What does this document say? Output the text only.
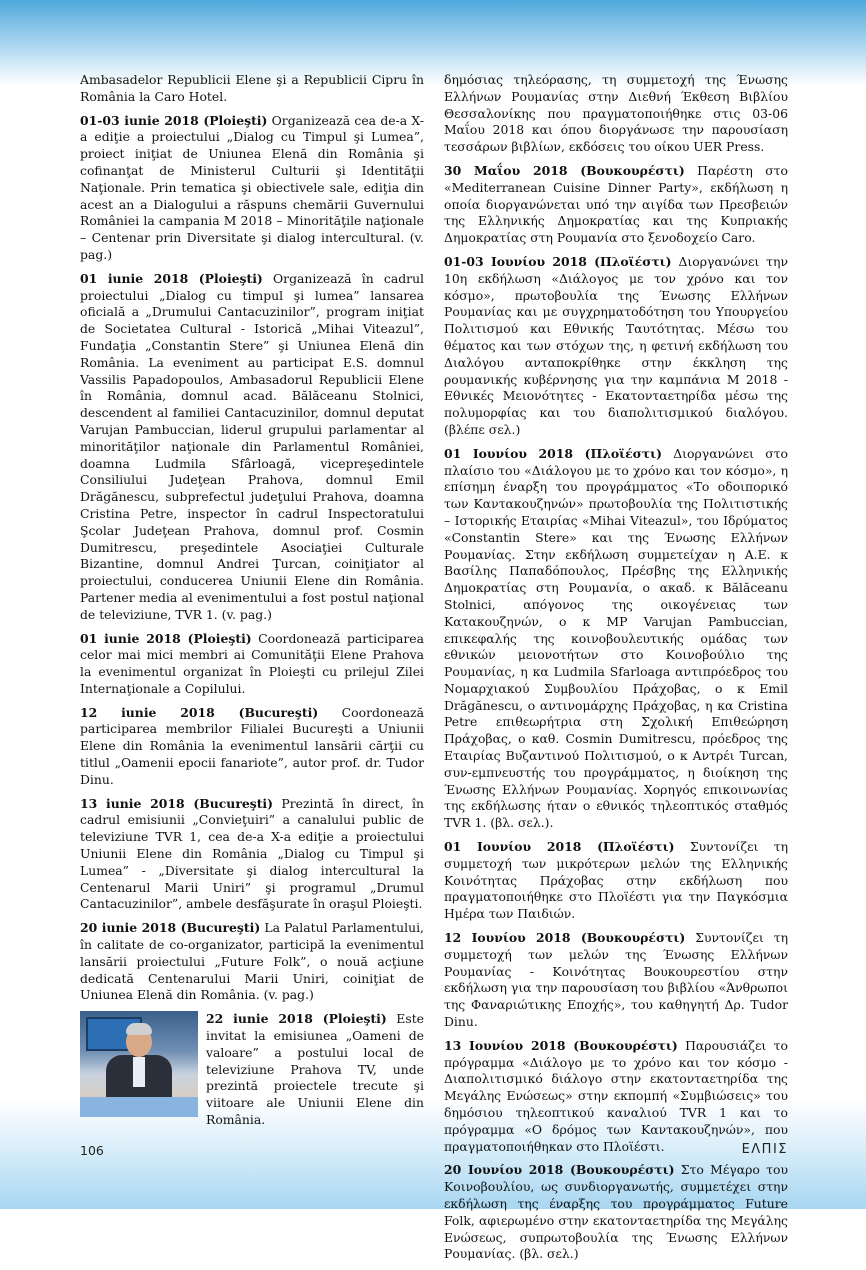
Ambasadelor Republicii Elene şi a Republicii Cipru în România la Caro Hotel.

01-03 iunie 2018 (Ploieşti) Organizează cea de-a X-a ediţie a proiectului „Dialog cu Timpul şi Lumea”, proiect iniţiat de Uniunea Elenă din România şi cofinanţat de Ministerul Culturii şi Identităţii Naţionale. Prin tematica şi obiectivele sale, ediţia din acest an a Dialogului a răspuns chemării Guvernului României la campania M 2018 – Minorităţile naţionale – Centenar prin Diversitate şi dialog intercultural. (v. pag.)

01 iunie 2018 (Ploieşti) Organizează în cadrul proiectului „Dialog cu timpul şi lumea” lansarea oficială a „Drumului Cantacuzinilor”, program iniţiat de Societatea Cultural - Istorică „Mihai Viteazul”, Fundaţia „Constantin Stere” şi Uniunea Elenă din România. La eveniment au participat E.S. domnul Vassilis Papadopoulos, Ambasadorul Republicii Elene în România, domnul acad. Bălăceanu Stolnici, descendent al familiei Cantacuzinilor, domnul deputat Varujan Pambuccian, liderul grupului parlamentar al minorităţilor naţionale din Parlamentul României, doamna Ludmila Sfârloagă, vicepreşedintele Consiliului Judeţean Prahova, domnul Emil Drăgănescu, subprefectul judeţului Prahova, doamna Cristina Petre, inspector în cadrul Inspectoratului Şcolar Judeţean Prahova, domnul prof. Cosmin Dumitrescu, preşedintele Asociaţiei Culturale Bizantine, domnul Andrei Ţurcan, coiniţiator al proiectului, conducerea Uniunii Elene din România. Partener media al evenimentului a fost postul naţional de televiziune, TVR 1. (v. pag.)

01 iunie 2018 (Ploieşti) Coordonează participarea celor mai mici membri ai Comunităţii Elene Prahova la evenimentul organizat în Ploieşti cu prilejul Zilei Internaţionale a Copilului.

12 iunie 2018 (Bucureşti) Coordonează participarea membrilor Filialei Bucureşti a Uniunii Elene din România la evenimentul lansării cărţii cu titlul „Oamenii epocii fanariote”, autor prof. dr. Tudor Dinu.

13 iunie 2018 (Bucureşti) Prezintă în direct, în cadrul emisiunii „Convieţuiri” a canalului public de televiziune TVR 1, cea de-a X-a ediţie a proiectului Uniunii Elene din România „Dialog cu Timpul şi Lumea” - „Diversitate şi dialog intercultural la Centenarul Marii Uniri” şi programul „Drumul Cantacuzinilor”, ambele desfăşurate în oraşul Ploieşti.

20 iunie 2018 (Bucureşti) La Palatul Parlamentului, în calitate de co-organizator, participă la evenimentul lansării proiectului „Future Folk”, o nouă acţiune dedicată Centenarului Marii Uniri, coiniţiat de Uniunea Elenă din România. (v. pag.)

22 iunie 2018 (Ploieşti) Este invitat la emisiunea „Oameni de valoare” a postului local de televiziune Prahova TV, unde prezintă proiectele trecute şi viitoare ale Uniunii Elene din România.

δημόσιας τηλεόρασης, τη συμμετοχή της Ένωσης Ελλήνων Ρουμανίας στην Διεθνή Έκθεση Βιβλίου Θεσσαλονίκης που πραγματοποιήθηκε στις 03-06 Μαΐου 2018 και όπου διοργάνωσε την παρουσίαση τεσσάρων βιβλίων, εκδόσεις του οίκου UER Press.

30 Μαΐου 2018 (Βουκουρέστι) Παρέστη στο «Mediterranean Cuisine Dinner Party», εκδήλωση η οποία διοργανώνεται υπό την αιγίδα των Πρεσβειών της Ελληνικής Δημοκρατίας και της Κυπριακής Δημοκρατίας στη Ρουμανία στο ξενοδοχείο Caro.

01-03 Ιουνίου 2018 (Πλοϊέστι) Διοργανώνει την 10η εκδήλωση «Διάλογος με τον χρόνο και τον κόσμο», πρωτοβουλία της Ένωσης Ελλήνων Ρουμανίας και με συγχρηματοδότηση του Υπουργείου Πολιτισμού και Εθνικής Ταυτότητας. Μέσω του θέματος και των στόχων της, η φετινή εκδήλωση του Διαλόγου ανταποκρίθηκε στην έκκληση της ρουμανικής κυβέρνησης για την καμπάνια Μ 2018 - Εθνικές Μειονότητες - Εκατονταετηρίδα μέσω της πολυμορφίας και του διαπολιτισμικού διαλόγου. (βλέπε σελ.)

01 Ιουνίου 2018 (Πλοϊέστι) Διοργανώνει στο πλαίσιο του «Διάλογου με το χρόνο και τον κόσμο», η επίσημη έναρξη του προγράμματος «Το οδοιπορικό των Καντακουζηνών» πρωτοβουλία της Πολιτιστικής – Ιστορικής Εταιρίας «Mihai Viteazul», του Ιδρύματος «Constantin Stere» και της Ένωσης Ελλήνων Ρουμανίας. Στην εκδήλωση συμμετείχαν η Α.Ε. κ Βασίλης Παπαδόπουλος, Πρέσβης της Ελληνικής Δημοκρατίας στη Ρουμανία, ο ακαδ. κ Bălăceanu Stolnici, απόγονος της οικογένειας των Κατακουζηνών, ο κ MP Varujan Pambuccian, επικεφαλής της κοινοβουλευτικής ομάδας των εθνικών μειονοτήτων στο Κοινοβούλιο της Ρουμανίας, η κα Ludmila Sfarloaga αντιπρόεδρος του Νομαρχιακού Συμβουλίου Πράχοβας, ο κ Emil Drăgănescu, ο αντινομάρχης Πράχοβας, η κα Cristina Petre επιθεωρήτρια στη Σχολική Επιθεώρηση Πράχοβας, ο καθ. Cosmin Dumitrescu, πρόεδρος της Εταιρίας Βυζαντινού Πολιτισμού, ο κ Αντρέι Turcan, συν-εμπνευστής του προγράμματος, η διοίκηση της Ένωσης Ελλήνων Ρουμανίας. Χορηγός επικοινωνίας της εκδήλωσης ήταν ο εθνικός τηλεοπτικός σταθμός TVR 1. (βλ. σελ.).

01 Ιουνίου 2018 (Πλοϊέστι) Συντονίζει τη συμμετοχή των μικρότερων μελών της Ελληνικής Κοινότητας Πράχοβας στην εκδήλωση που πραγματοποιήθηκε στο Πλοϊέστι για την Παγκόσμια Ημέρα των Παιδιών.

12 Ιουνίου 2018 (Βουκουρέστι) Συντονίζει τη συμμετοχή των μελών της Ένωσης Ελλήνων Ρουμανίας - Κοινότητας Βουκουρεστίου στην εκδήλωση για την παρουσίαση του βιβλίου «Άνθρωποι της Φαναριώτικης Εποχής», του καθηγητή Δρ. Tudor Dinu.

13 Ιουνίου 2018 (Βουκουρέστι) Παρουσιάζει το πρόγραμμα «Διάλογο με το χρόνο και τον κόσμο - Διαπολιτισμικό διάλογο στην εκατονταετηρίδα της Μεγάλης Ενώσεως» στην εκπομπή «Συμβιώσεις» του δημόσιου τηλεοπτικού καναλιού TVR 1 και το πρόγραμμα «Ο δρόμος των Καντακουζηνών», που πραγματοποιήθηκαν στο Πλοϊέστι.

20 Ιουνίου 2018 (Βουκουρέστι) Στο Μέγαρο του Κοινοβουλίου, ως συνδιοργανωτής, συμμετέχει στην εκδήλωση της έναρξης του προγράμματος Future Folk, αφιερωμένο στην εκατονταετηρίδα της Μεγάλης Ενώσεως, συπρωτοβουλία της Ένωσης Ελλήνων Ρουμανίας. (βλ. σελ.)

106	ΕΛΠΙΣ
